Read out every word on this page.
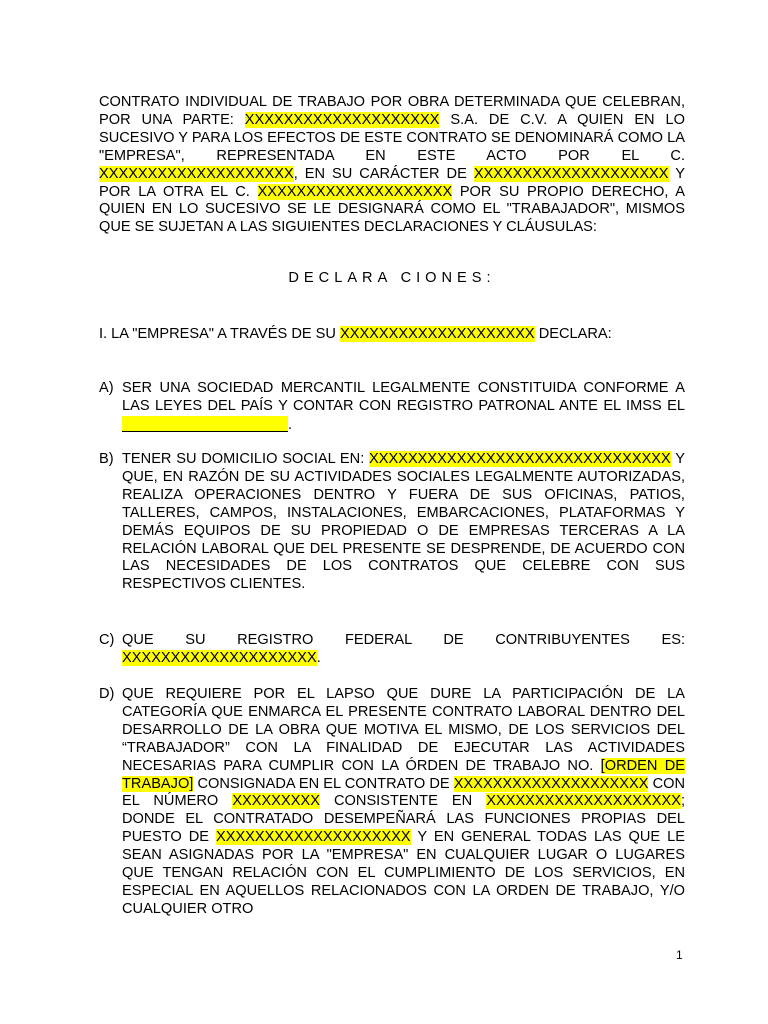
CONTRATO INDIVIDUAL DE TRABAJO POR OBRA DETERMINADA QUE CELEBRAN, POR UNA PARTE: XXXXXXXXXXXXXXXXXXXX S.A. DE C.V. A QUIEN EN LO SUCESIVO Y PARA LOS EFECTOS DE ESTE CONTRATO SE DENOMINARÁ COMO LA "EMPRESA", REPRESENTADA EN ESTE ACTO POR EL C. XXXXXXXXXXXXXXXXXXXX, EN SU CARÁCTER DE XXXXXXXXXXXXXXXXXXXX Y POR LA OTRA EL C. XXXXXXXXXXXXXXXXXXXX POR SU PROPIO DERECHO, A QUIEN EN LO SUCESIVO SE LE DESIGNARÁ COMO EL "TRABAJADOR", MISMOS QUE SE SUJETAN A LAS SIGUIENTES DECLARACIONES Y CLÁUSULAS:
DECLARA CIONES:
I. LA "EMPRESA" A TRAVÉS DE SU XXXXXXXXXXXXXXXXXXXX DECLARA:
A) SER UNA SOCIEDAD MERCANTIL LEGALMENTE CONSTITUIDA CONFORME A LAS LEYES DEL PAÍS Y CONTAR CON REGISTRO PATRONAL ANTE EL IMSS EL .
B) TENER SU DOMICILIO SOCIAL EN: XXXXXXXXXXXXXXXXXXXXXXXXXXXXXXX Y QUE, EN RAZÓN DE SU ACTIVIDADES SOCIALES LEGALMENTE AUTORIZADAS, REALIZA OPERACIONES DENTRO Y FUERA DE SUS OFICINAS, PATIOS, TALLERES, CAMPOS, INSTALACIONES, EMBARCACIONES, PLATAFORMAS Y DEMÁS EQUIPOS DE SU PROPIEDAD O DE EMPRESAS TERCERAS A LA RELACIÓN LABORAL QUE DEL PRESENTE SE DESPRENDE, DE ACUERDO CON LAS NECESIDADES DE LOS CONTRATOS QUE CELEBRE CON SUS RESPECTIVOS CLIENTES.
C) QUE SU REGISTRO FEDERAL DE CONTRIBUYENTES ES: XXXXXXXXXXXXXXXXXXXX.
D) QUE REQUIERE POR EL LAPSO QUE DURE LA PARTICIPACIÓN DE LA CATEGORÍA QUE ENMARCA EL PRESENTE CONTRATO LABORAL DENTRO DEL DESARROLLO DE LA OBRA QUE MOTIVA EL MISMO, DE LOS SERVICIOS DEL “TRABAJADOR” CON LA FINALIDAD DE EJECUTAR LAS ACTIVIDADES NECESARIAS PARA CUMPLIR CON LA ÓRDEN DE TRABAJO NO. [ORDEN DE TRABAJO] CONSIGNADA EN EL CONTRATO DE XXXXXXXXXXXXXXXXXXXX CON EL NÚMERO XXXXXXXXX CONSISTENTE EN XXXXXXXXXXXXXXXXXXXX; DONDE EL CONTRATADO DESEMPEÑARÁ LAS FUNCIONES PROPIAS DEL PUESTO DE XXXXXXXXXXXXXXXXXXXX Y EN GENERAL TODAS LAS QUE LE SEAN ASIGNADAS POR LA "EMPRESA" EN CUALQUIER LUGAR O LUGARES QUE TENGAN RELACIÓN CON EL CUMPLIMIENTO DE LOS SERVICIOS, EN ESPECIAL EN AQUELLOS RELACIONADOS CON LA ORDEN DE TRABAJO, Y/O CUALQUIER OTRO
1
